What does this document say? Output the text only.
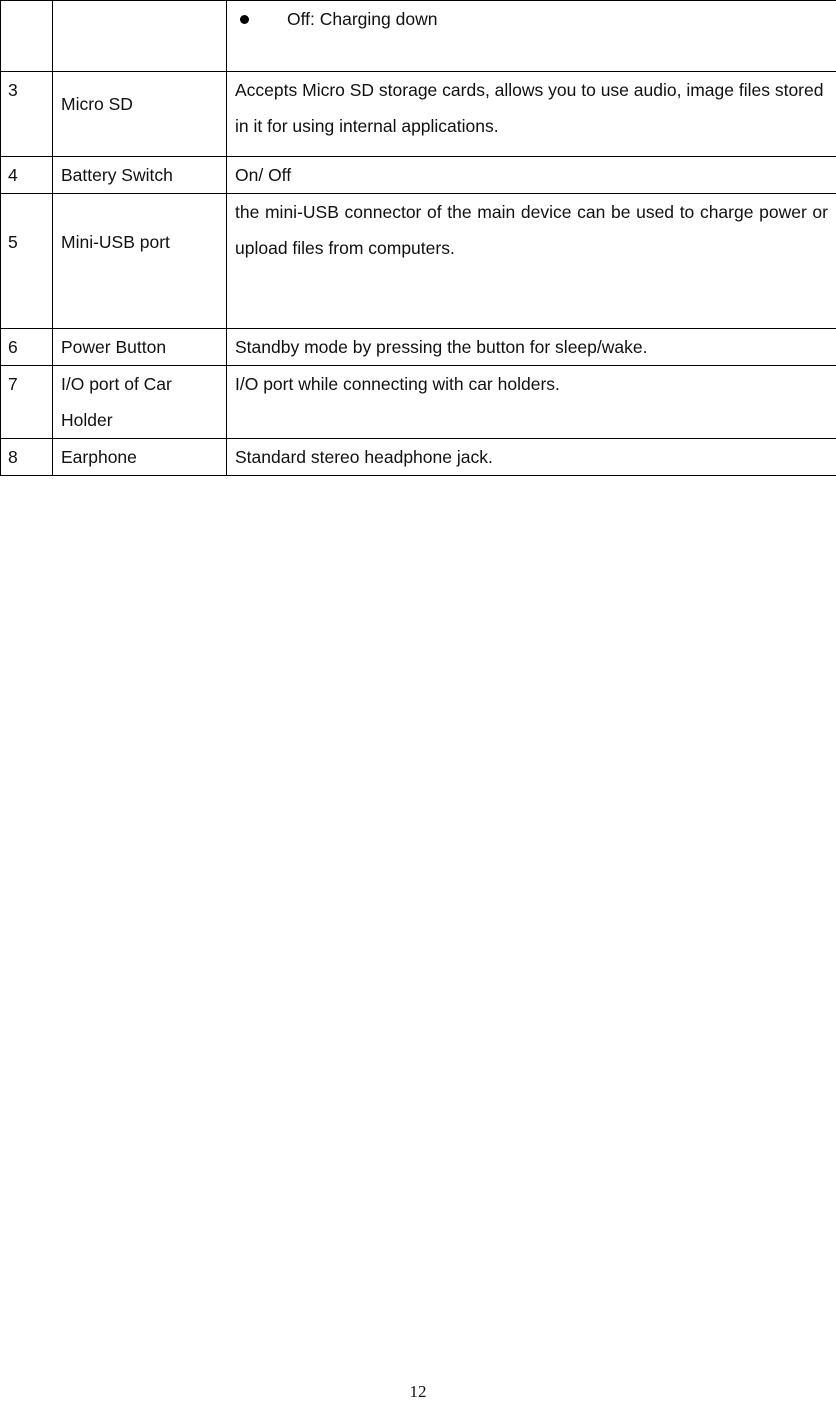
		Off: Charging down

3	Micro SD	Accepts Micro SD storage cards, allows you to use audio, image files stored in it for using internal applications.
4	Battery Switch	On/ Off
5	Mini-USB port	the mini-USB connector of the main device can be used to charge power or upload files from computers.
6	Power Button	Standby mode by pressing the button for sleep/wake.
7	I/O port of Car Holder	I/O port while connecting with car holders.
8	Earphone	Standard stereo headphone jack.
12
